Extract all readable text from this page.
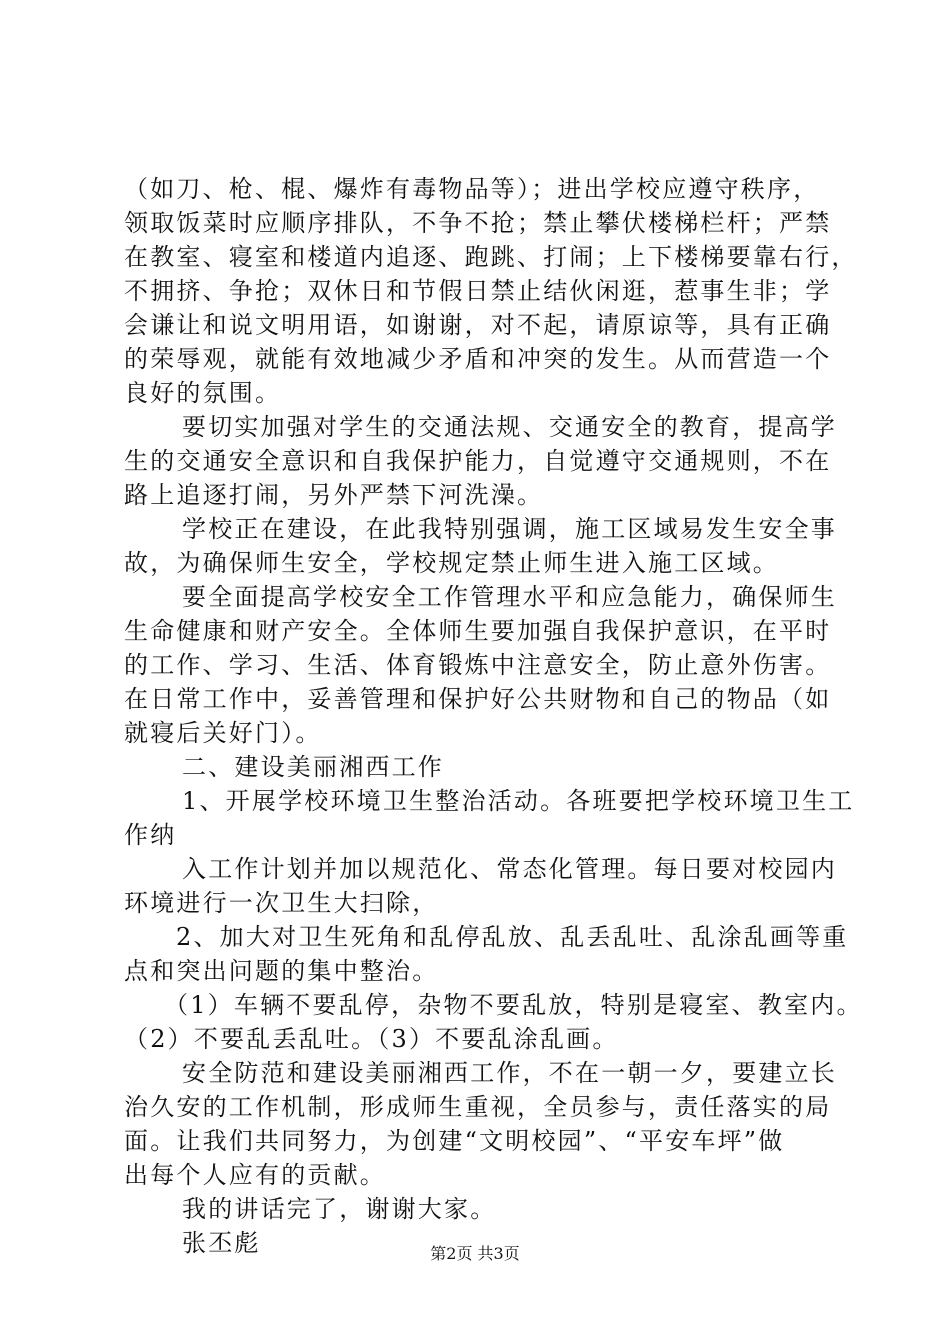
（如刀、枪、棍、爆炸有毒物品等）；进出学校应遵守秩序，
领取饭菜时应顺序排队，不争不抢；禁止攀伏楼梯栏杆；严禁
在教室、寝室和楼道内追逐、跑跳、打闹；上下楼梯要靠右行，
不拥挤、争抢；双休日和节假日禁止结伙闲逛，惹事生非；学
会谦让和说文明用语，如谢谢，对不起，请原谅等，具有正确
的荣辱观，就能有效地减少矛盾和冲突的发生。从而营造一个
良好的氛围。
要切实加强对学生的交通法规、交通安全的教育，提高学
生的交通安全意识和自我保护能力，自觉遵守交通规则，不在
路上追逐打闹，另外严禁下河洗澡。
学校正在建设，在此我特别强调，施工区域易发生安全事
故，为确保师生安全，学校规定禁止师生进入施工区域。
要全面提高学校安全工作管理水平和应急能力，确保师生
生命健康和财产安全。全体师生要加强自我保护意识，在平时
的工作、学习、生活、体育锻炼中注意安全，防止意外伤害。
在日常工作中，妥善管理和保护好公共财物和自己的物品（如
就寝后关好门）。
二、建设美丽湘西工作
1、开展学校环境卫生整治活动。各班要把学校环境卫生工
作纳
入工作计划并加以规范化、常态化管理。每日要对校园内
环境进行一次卫生大扫除，
2、加大对卫生死角和乱停乱放、乱丢乱吐、乱涂乱画等重
点和突出问题的集中整治。
（1）车辆不要乱停，杂物不要乱放，特别是寝室、教室内。
（2）不要乱丢乱吐。（3）不要乱涂乱画。
安全防范和建设美丽湘西工作，不在一朝一夕，要建立长
治久安的工作机制，形成师生重视，全员参与，责任落实的局
面。让我们共同努力，为创建“文明校园”、“平安车坪”做
出每个人应有的贡献。
我的讲话完了，谢谢大家。
张丕彪	第2页 共3页
